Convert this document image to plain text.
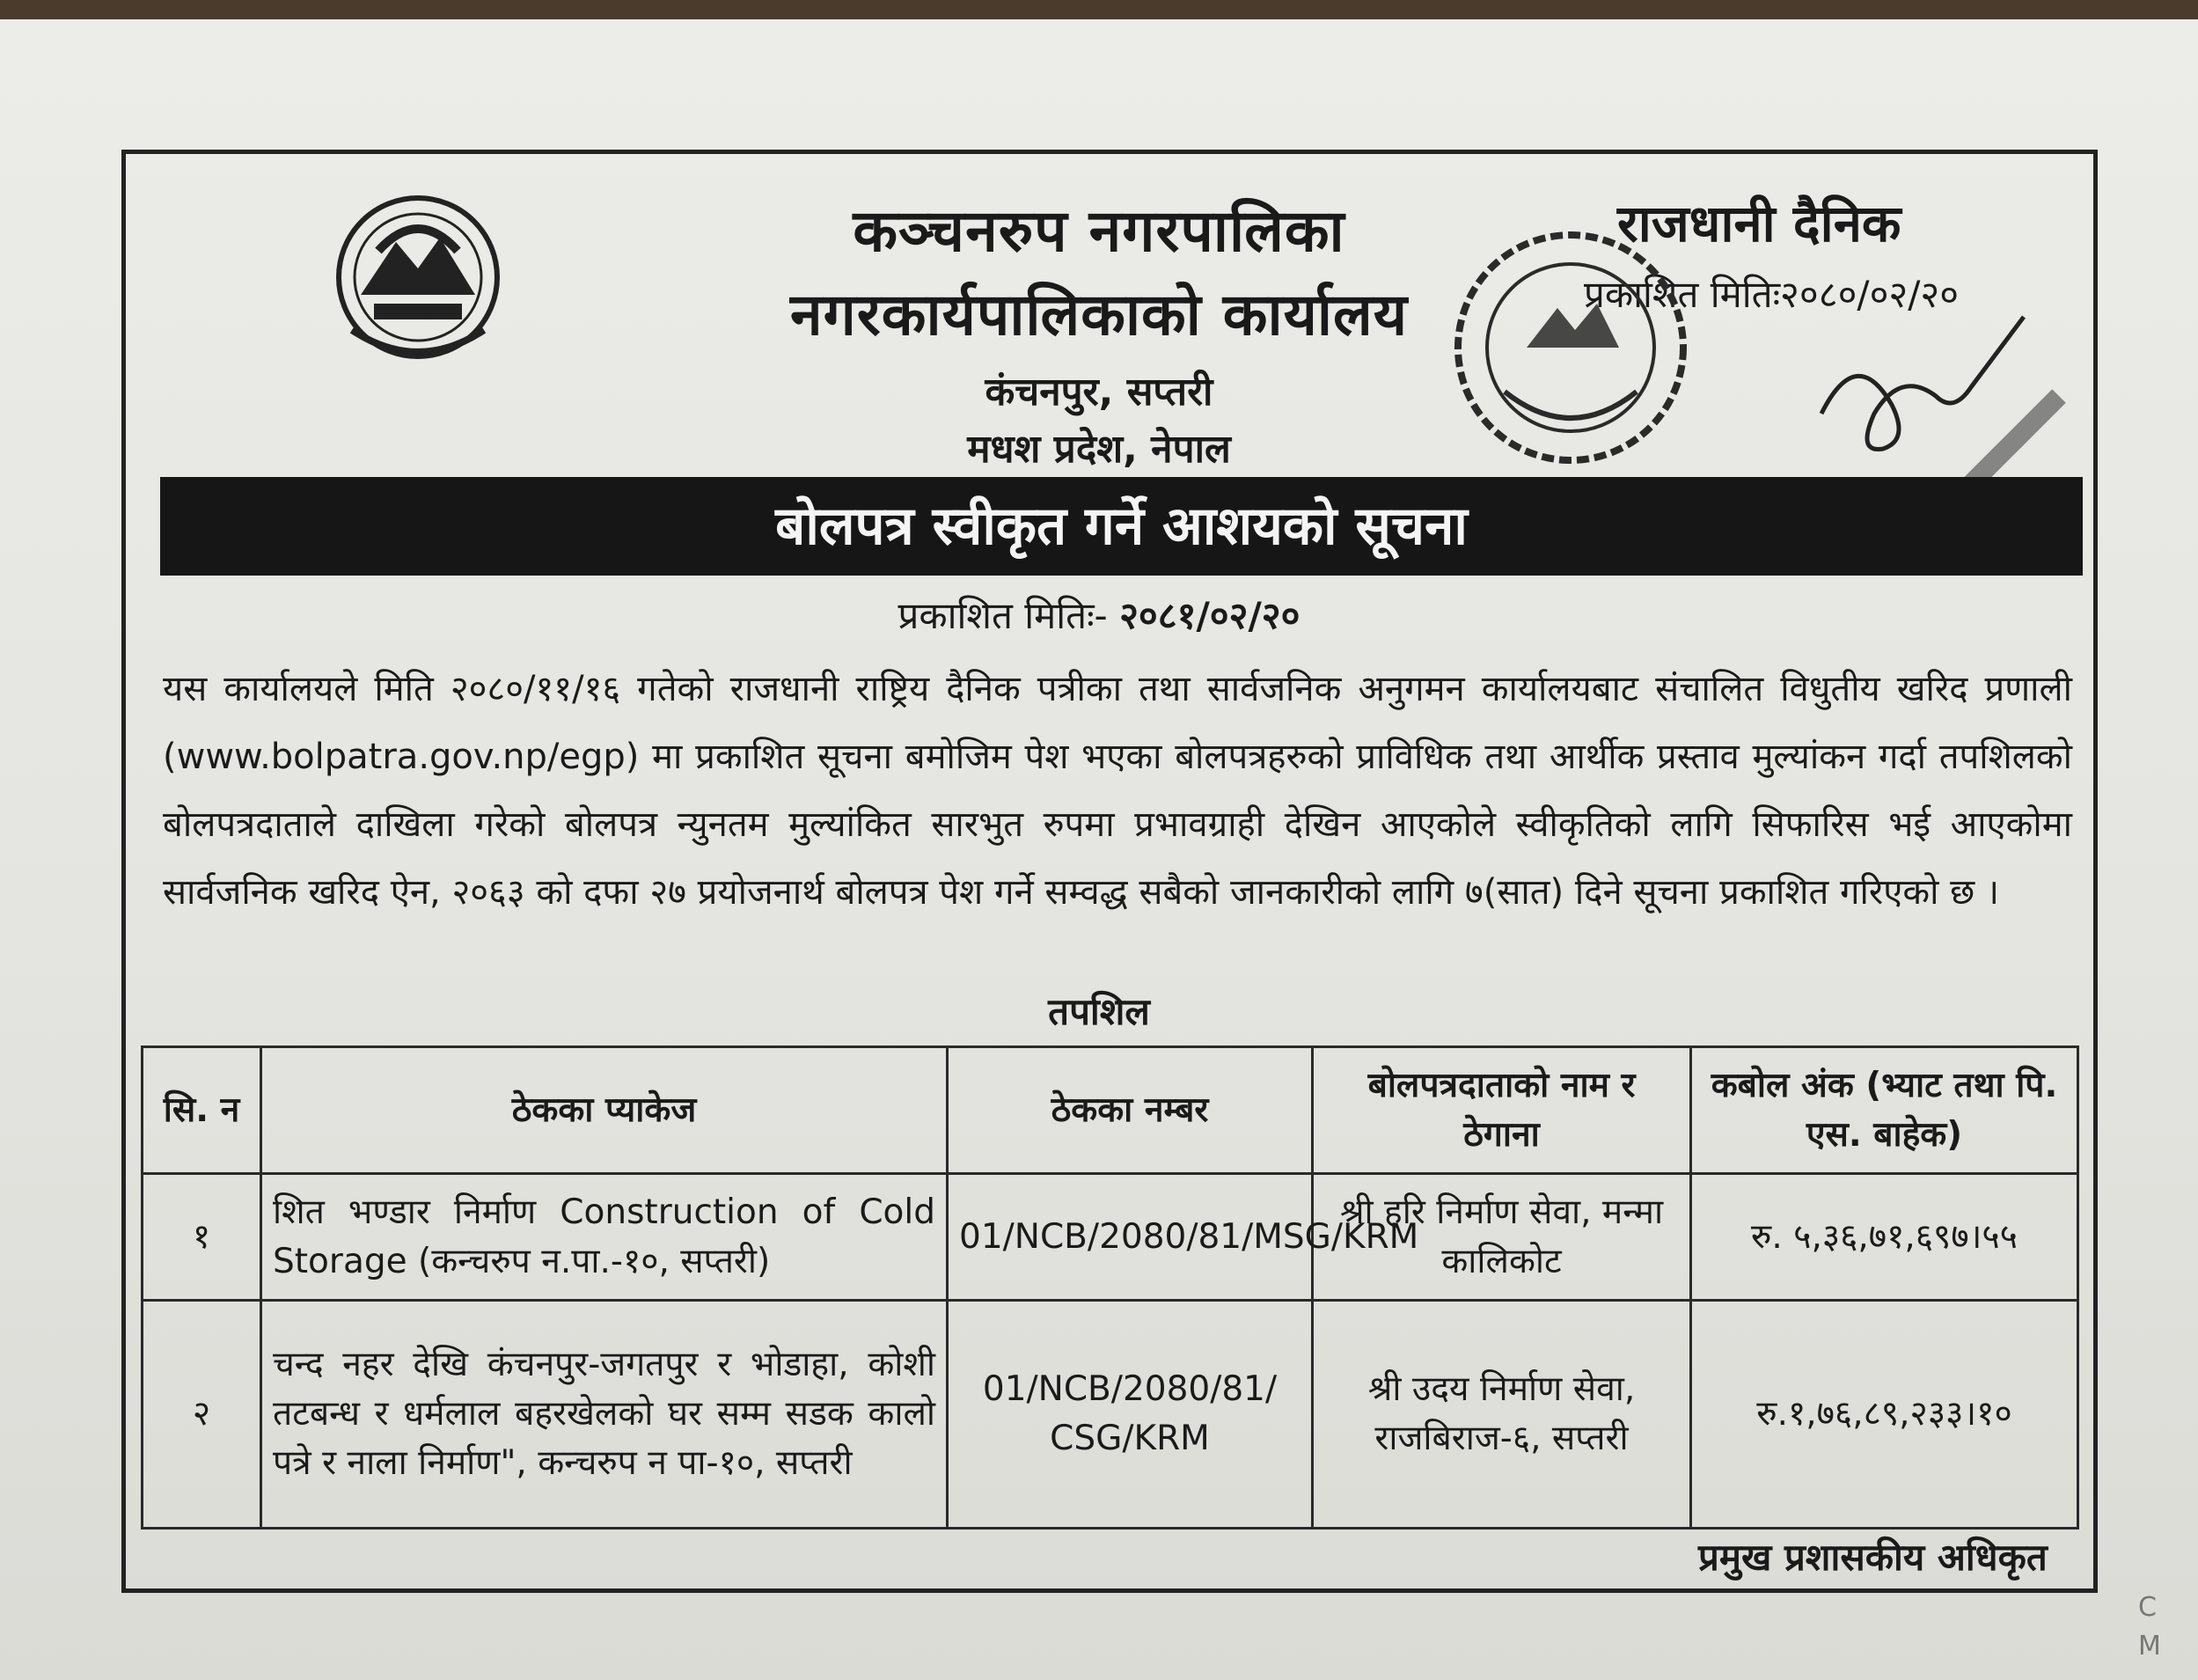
कञ्चनरुप नगरपालिका
नगरकार्यपालिकाको कार्यालय
कंचनपुर, सप्तरी
मधश प्रदेश, नेपाल
राजधानी दैनिक
प्रकाशित मितिः२०८०/०२/२०
बोलपत्र स्वीकृत गर्ने आशयको सूचना
प्रकाशित मितिः- २०८१/०२/२०
यस कार्यालयले मिति २०८०/११/१६ गतेको राजधानी राष्ट्रिय दैनिक पत्रीका तथा सार्वजनिक अनुगमन कार्यालयबाट संचालित विधुतीय खरिद प्रणाली (www.bolpatra.gov.np/egp) मा प्रकाशित सूचना बमोजिम पेश भएका बोलपत्रहरुको प्राविधिक तथा आर्थीक प्रस्ताव मुल्यांकन गर्दा तपशिलको बोलपत्रदाताले दाखिला गरेको बोलपत्र न्युनतम मुल्यांकित सारभुत रुपमा प्रभावग्राही देखिन आएकोले स्वीकृतिको लागि सिफारिस भई आएकोमा सार्वजनिक खरिद ऐन, २०६३ को दफा २७ प्रयोजनार्थ बोलपत्र पेश गर्ने सम्वद्ध सबैको जानकारीको लागि ७(सात) दिने सूचना प्रकाशित गरिएको छ ।
तपशिल
सि. न	ठेकका प्याकेज	ठेकका नम्बर	बोलपत्रदाताको नाम र ठेगाना	कबोल अंक (भ्याट तथा पि. एस. बाहेक)
१	शित भण्डार निर्माण Construction of Cold Storage (कन्चरुप न.पा.-१०, सप्तरी)	01/NCB/2080/81/MSG/KRM	श्री हरि निर्माण सेवा, मन्मा कालिकोट	रु. ५,३६,७१,६९७।५५
२	चन्द नहर देखि कंचनपुर-जगतपुर र भोडाहा, कोशी तटबन्ध र धर्मलाल बहरखेलको घर सम्म सडक कालो पत्रे र नाला निर्माण", कन्चरुप न पा-१०, सप्तरी	01/NCB/2080/81/ CSG/KRM	श्री उदय निर्माण सेवा, राजबिराज-६, सप्तरी	रु.१,७६,८९,२३३।१०
प्रमुख प्रशासकीय अधिकृत
C
M
